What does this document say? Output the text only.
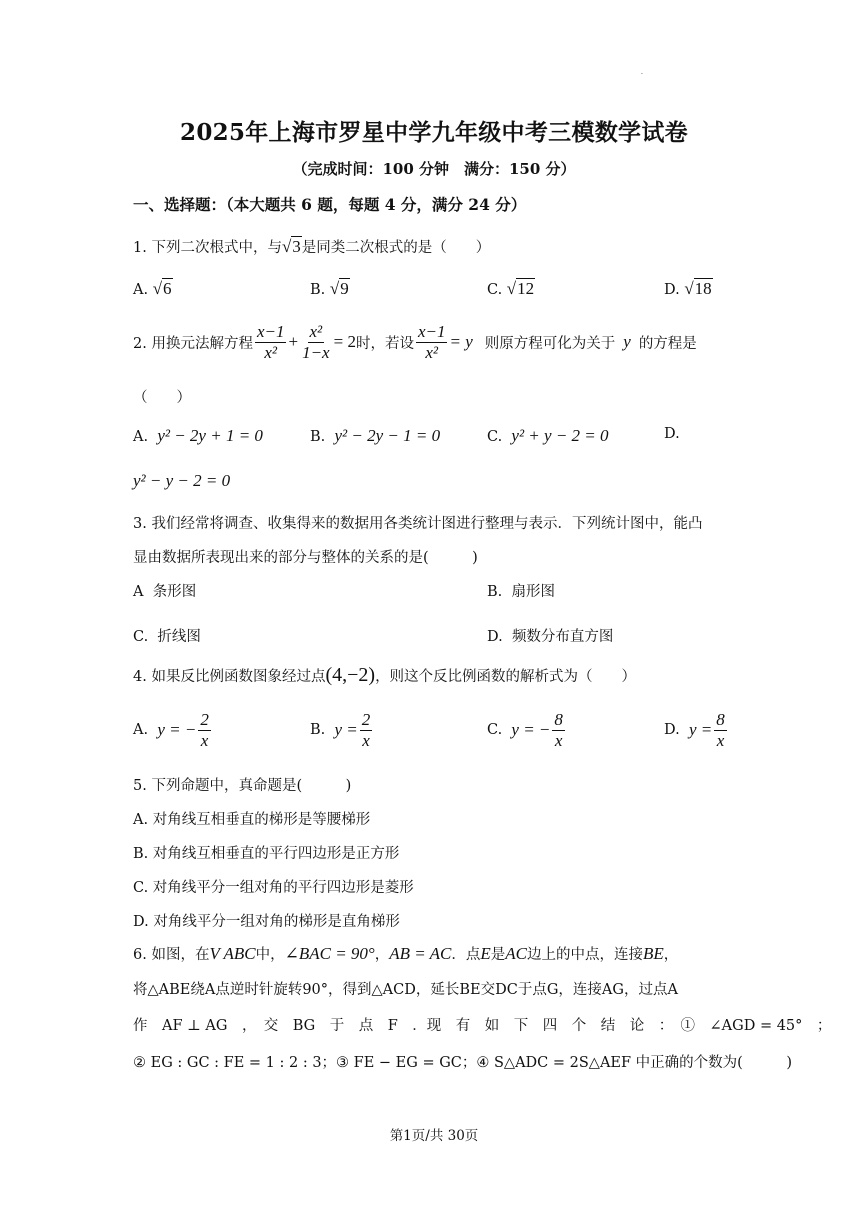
·
2025年上海市罗星中学九年级中考三模数学试卷
（完成时间：100 分钟　满分：150 分）
一、选择题：（本大题共 6 题，每题 4 分，满分 24 分）
1. 下列二次根式中，与√3是同类二次根式的是（　　）
A. √6	B. √9	C. √12	D. √18
2. 用换元法解方程 $\frac{x-1}{\text{x²}} + \frac{\text{x²}}{1-x} = 2$ 时，若设 $\frac{x-1}{\text{x²}} = y$ 则原方程可化为关于 y 的方程是
（　　）
A. y² − 2y + 1 = 0	B. y² − 2y − 1 = 0	C. y² + y − 2 = 0	D.
y² − y − 2 = 0
3. 我们经常将调查、收集得来的数据用各类统计图进行整理与表示．下列统计图中，能凸
显由数据所表现出来的部分与整体的关系的是(　　　)
A 条形图	B. 扇形图
C. 折线图	D. 频数分布直方图
4. 如果反比例函数图象经过点(4,−2)，则这个反比例函数的解析式为（　　）
A.
y = − $\frac{2}{x}$	B.
$y = \frac{2}{x}$	C.
y = − $\frac{8}{x}$	D.
$y = \frac{8}{x}$
5. 下列命题中，真命题是(　　　)
A. 对角线互相垂直的梯形是等腰梯形
B. 对角线互相垂直的平行四边形是正方形
C. 对角线平分一组对角的平行四边形是菱形
D. 对角线平分一组对角的梯形是直角梯形
6. 如图，在V ABC中，∠BAC = 90°，AB = AC．点E是AC边上的中点，连接BE，
将△ABE绕A点逆时针旋转90°，得到△ACD，延长BE交DC于点G，连接AG，过点A
作　AF ⊥ AG　，　交　BG　于　点　F　．现　有　如　下　四　个　结　论　：　①　∠AGD = 45°　；
② EG : GC : FE = 1 : 2 : 3；③ FE − EG = GC；④ S△ADC = 2S△AEF 中正确的个数为(　　　)
第1页/共 30页
